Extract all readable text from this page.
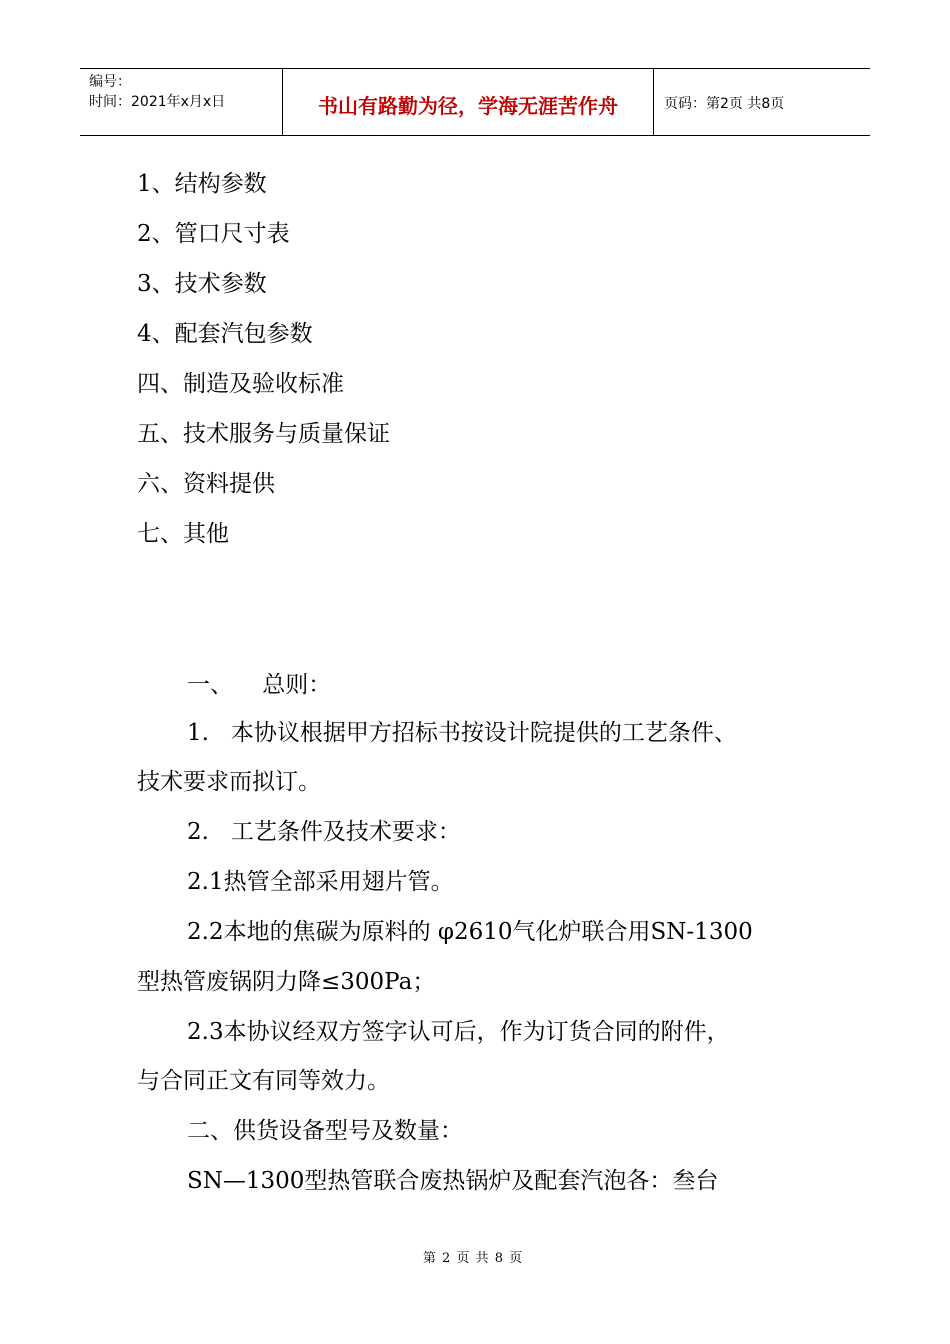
编号：
时间：2021年x月x日	书山有路勤为径，学海无涯苦作舟	页码：第2页 共8页
1、结构参数
2、管口尺寸表
3、技术参数
4、配套汽包参数
四、制造及验收标准
五、技术服务与质量保证
六、资料提供
七、其他
一、    总则：
1.   本协议根据甲方招标书按设计院提供的工艺条件、
技术要求而拟订。
2.   工艺条件及技术要求：
2.1热管全部采用翅片管。
2.2本地的焦碳为原料的 φ2610气化炉联合用SN-1300
型热管废锅阴力降≤300Pa；
2.3本协议经双方签字认可后，作为订货合同的附件，
与合同正文有同等效力。
二、供货设备型号及数量：
SN—1300型热管联合废热锅炉及配套汽泡各：叁台
第 2 页 共 8 页
